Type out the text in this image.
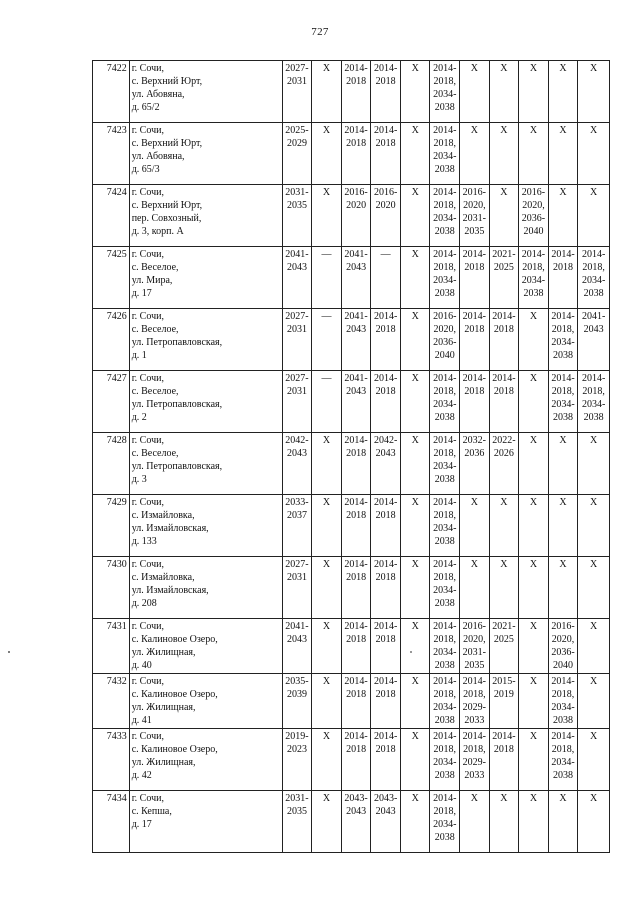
727
7422	г. Сочи,
с. Верхний Юрт,
ул. Абовяна,
д. 65/2	2027-
2031	X	2014-
2018	2014-
2018	X	2014-
2018,
2034-
2038	X	X	X	X	X

7423	г. Сочи,
с. Верхний Юрт,
ул. Абовяна,
д. 65/3	2025-
2029	X	2014-
2018	2014-
2018	X	2014-
2018,
2034-
2038	X	X	X	X	X

7424	г. Сочи,
с. Верхний Юрт,
пер. Совхозный,
д. 3, корп. А	2031-
2035	X	2016-
2020	2016-
2020	X	2014-
2018,
2034-
2038	2016-
2020,
2031-
2035	X	2016-
2020,
2036-
2040	X	X

7425	г. Сочи,
с. Веселое,
ул. Мира,
д. 17	2041-
2043	—	2041-
2043	—	X	2014-
2018,
2034-
2038	2014-
2018	2021-
2025	2014-
2018,
2034-
2038	2014-
2018	2014-
2018,
2034-
2038

7426	г. Сочи,
с. Веселое,
ул. Петропавловская,
д. 1	2027-
2031	—	2041-
2043	2014-
2018	X	2016-
2020,
2036-
2040	2014-
2018	2014-
2018	X	2014-
2018,
2034-
2038	2041-
2043

7427	г. Сочи,
с. Веселое,
ул. Петропавловская,
д. 2	2027-
2031	—	2041-
2043	2014-
2018	X	2014-
2018,
2034-
2038	2014-
2018	2014-
2018	X	2014-
2018,
2034-
2038	2014-
2018,
2034-
2038

7428	г. Сочи,
с. Веселое,
ул. Петропавловская,
д. 3	2042-
2043	X	2014-
2018	2042-
2043	X	2014-
2018,
2034-
2038	2032-
2036	2022-
2026	X	X	X

7429	г. Сочи,
с. Измайловка,
ул. Измайловская,
д. 133	2033-
2037	X	2014-
2018	2014-
2018	X	2014-
2018,
2034-
2038	X	X	X	X	X

7430	г. Сочи,
с. Измайловка,
ул. Измайловская,
д. 208	2027-
2031	X	2014-
2018	2014-
2018	X	2014-
2018,
2034-
2038	X	X	X	X	X

7431	г. Сочи,
с. Калиновое Озеро,
ул. Жилищная,
д. 40	2041-
2043	X	2014-
2018	2014-
2018	X	2014-
2018,
2034-
2038	2016-
2020,
2031-
2035	2021-
2025	X	2016-
2020,
2036-
2040	X

7432	г. Сочи,
с. Калиновое Озеро,
ул. Жилищная,
д. 41	2035-
2039	X	2014-
2018	2014-
2018	X	2014-
2018,
2034-
2038	2014-
2018,
2029-
2033	2015-
2019	X	2014-
2018,
2034-
2038	X

7433	г. Сочи,
с. Калиновое Озеро,
ул. Жилищная,
д. 42	2019-
2023	X	2014-
2018	2014-
2018	X	2014-
2018,
2034-
2038	2014-
2018,
2029-
2033	2014-
2018	X	2014-
2018,
2034-
2038	X

7434	г. Сочи,
с. Кепша,
д. 17	2031-
2035	X	2043-
2043	2043-
2043	X	2014-
2018,
2034-
2038	X	X	X	X	X
